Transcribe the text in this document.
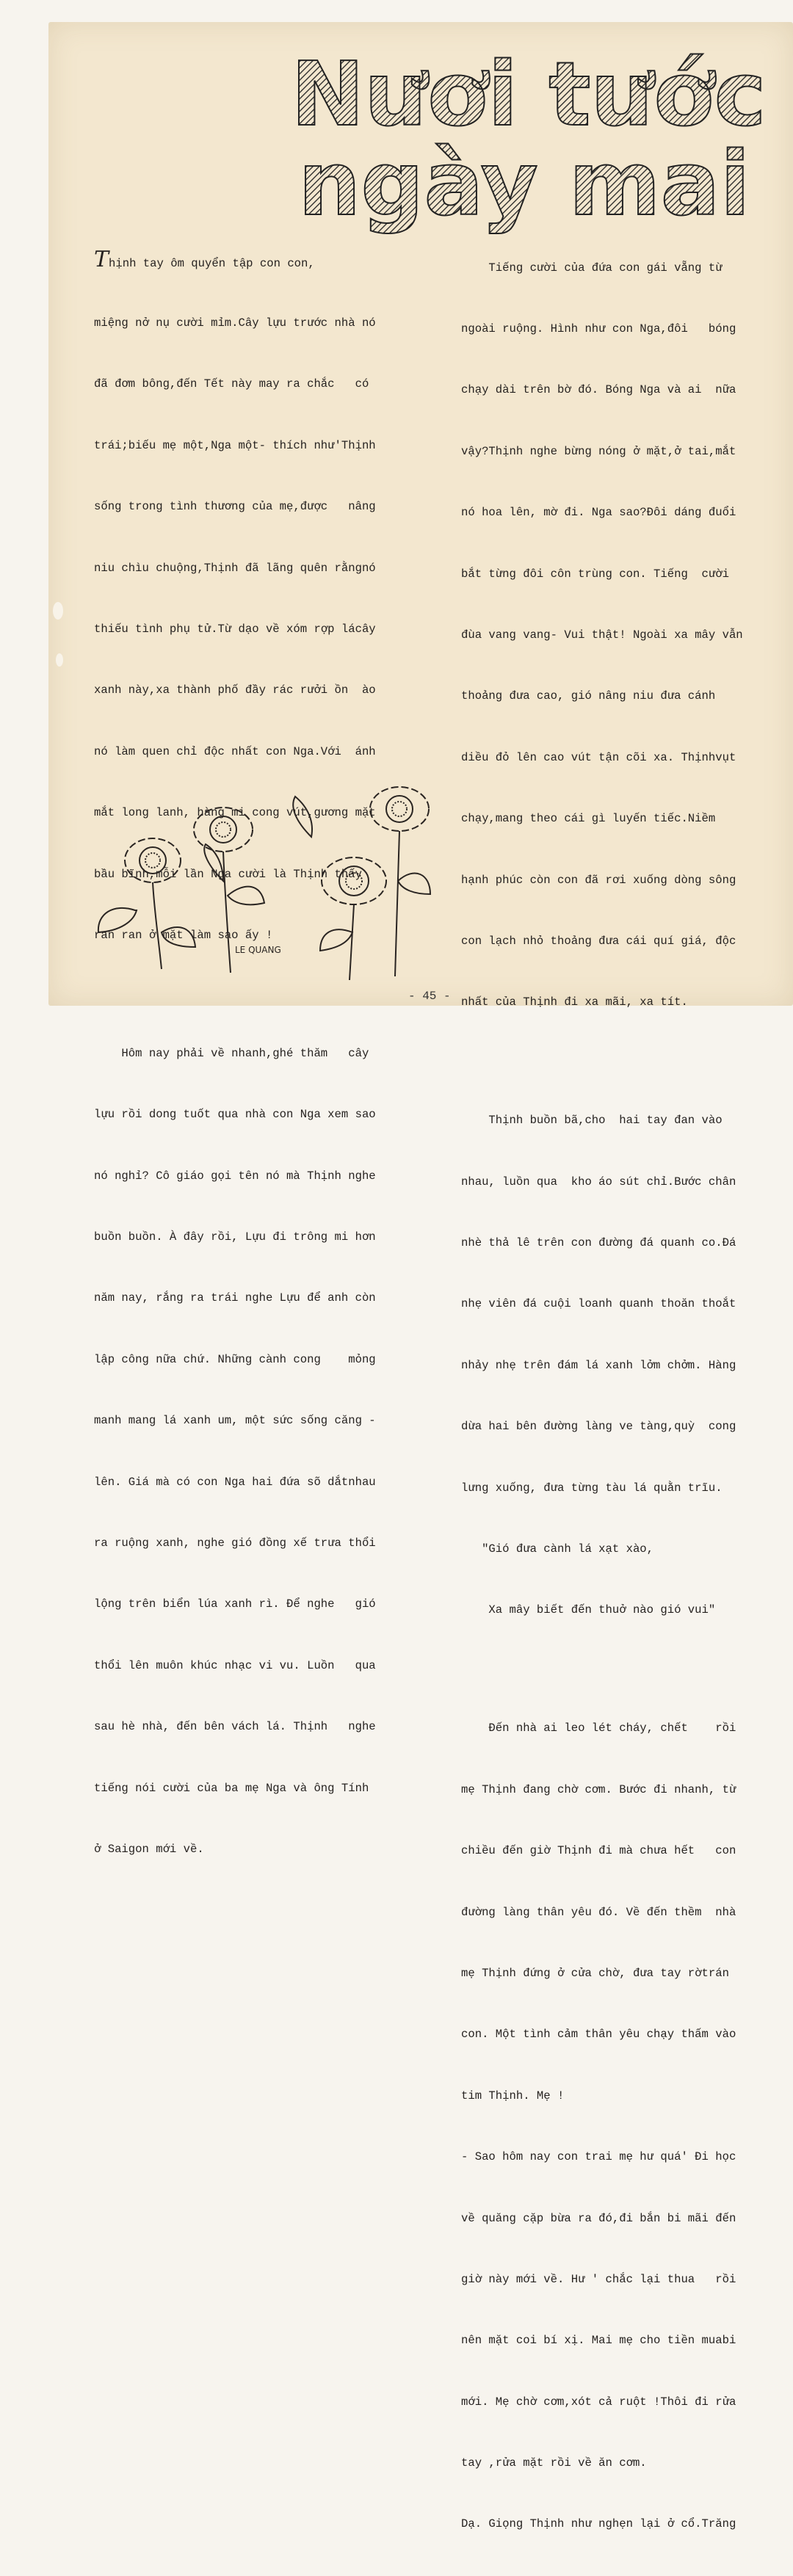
Nươi tước
ngày mai

Thịnh tay ôm quyển tập con con,

miệng nở nụ cười mỉm.Cây lựu trước nhà nó

đã đơm bông,đến Tết này may ra chắc   có

trái;biếu mẹ một,Nga một- thích như'Thịnh

sống trong tình thương của mẹ,được   nâng

niu chìu chuộng,Thịnh đã lãng quên rằngnó

thiếu tình phụ tử.Từ dạo về xóm rợp lácây

xanh này,xa thành phố đầy rác rưởi ồn  ào

nó làm quen chỉ độc nhất con Nga.Với  ánh

mắt long lanh, hàng mi cong vút,gương mặt

bầu bĩnh,mỗi lần Nga cười là Thịnh thấy

ran ran ở mặt làm sao ấy !

Hôm nay phải về nhanh,ghé thăm   cây

lựu rồi dong tuốt qua nhà con Nga xem sao

nó nghỉ? Cô giáo gọi tên nó mà Thịnh nghe

buồn buồn. À đây rồi, Lựu đi trông mi hơn

năm nay, rắng ra trái nghe Lựu để anh còn

lập công nữa chứ. Những cành cong    mỏng

manh mang lá xanh um, một sức sống căng -

lên. Giá mà có con Nga hai đứa sõ dắtnhau

ra ruộng xanh, nghe gió đồng xế trưa thổi

lộng trên biển lúa xanh rì. Để nghe   gió

thổi lên muôn khúc nhạc vi vu. Luồn   qua

sau hè nhà, đến bên vách lá. Thịnh   nghe

tiếng nói cười của ba mẹ Nga và ông Tính

ở Saigon mới về.

LE QUANG

Tiếng cười của đứa con gái vẵng từ

ngoài ruộng. Hình như con Nga,đôi   bóng

chạy dài trên bờ đó. Bóng Nga và ai  nữa

vậy?Thịnh nghe bừng nóng ở mặt,ở tai,mắt

nó hoa lên, mờ đi. Nga sao?Đôi dáng đuổi

bắt từng đôi côn trùng con. Tiếng  cười

đùa vang vang- Vui thật! Ngoài xa mây vẫn

thoảng đưa cao, gió nâng niu đưa cánh

diều đỏ lên cao vút tận cõi xa. Thịnhvụt

chạy,mang theo cái gì luyến tiếc.Niềm

hạnh phúc còn con đã rơi xuống dòng sông

con lạch nhỏ thoảng đưa cái quí giá, độc

nhất của Thịnh đi xa mãi, xa tít.

Thịnh buồn bã,cho  hai tay đan vào

nhau, luồn qua  kho áo sút chỉ.Bước chân

nhè thả lê trên con đường đá quanh co.Đá

nhẹ viên đá cuội loanh quanh thoăn thoắt

nhảy nhẹ trên đám lá xanh lởm chởm. Hàng

dừa hai bên đường làng ve tàng,quỳ  cong

lưng xuống, đưa từng tàu lá quằn trĩu.

"Gió đưa cành lá xạt xào,

Xa mây biết đến thuở nào gió vui"

Đến nhà ai leo lét cháy, chết    rồi

mẹ Thịnh đang chờ cơm. Bước đi nhanh, từ

chiều đến giờ Thịnh đi mà chưa hết   con

đường làng thân yêu đó. Về đến thềm  nhà

mẹ Thịnh đứng ở cửa chờ, đưa tay rờtrán

con. Một tình cảm thân yêu chạy thấm vào

tim Thịnh. Mẹ !

- Sao hôm nay con trai mẹ hư quá' Đi học

về quăng cặp bừa ra đó,đi bắn bi mãi đến

giờ này mới về. Hư ' chắc lại thua   rồi

nên mặt coi bí xị. Mai mẹ cho tiền muabi

mới. Mẹ chờ cơm,xót cả ruột !Thôi đi rửa

tay ,rửa mặt rồi về ăn cơm.

Dạ. Giọng Thịnh như nghẹn lại ở cổ.Trăng

- 45 -
